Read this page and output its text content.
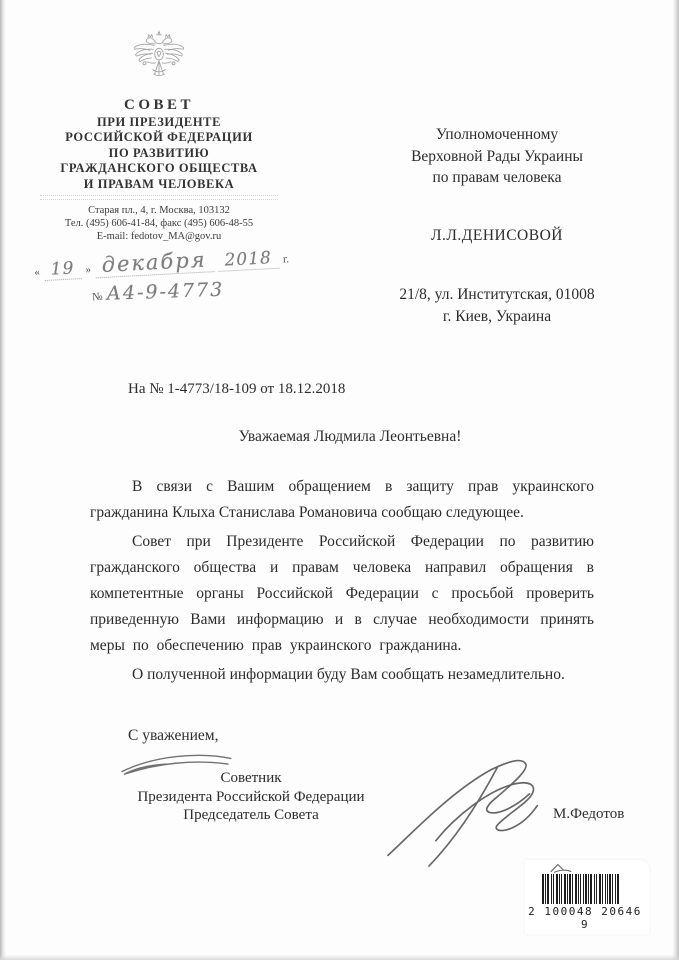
СОВЕТ
ПРИ ПРЕЗИДЕНТЕ
РОССИЙСКОЙ ФЕДЕРАЦИИ
ПО РАЗВИТИЮ
ГРАЖДАНСКОГО ОБЩЕСТВА
И ПРАВАМ ЧЕЛОВЕКА
Старая пл., 4, г. Москва, 103132
Тел. (495) 606-41-84, факс (495) 606-48-55
E-mail: fedotov_MA@gov.ru
« 19 » декабря 2018 г.
№ А4-9-4773
Уполномоченному
Верховной Рады Украины
по правам человека
Л.Л.ДЕНИСОВОЙ
21/8, ул. Институтская, 01008
г. Киев, Украина
На № 1-4773/18-109 от 18.12.2018
Уважаемая Людмила Леонтьевна!

В связи с Вашим обращением в защиту прав украинского гражданина Клыха Станислава Романовича сообщаю следующее.

Совет при Президенте Российской Федерации по развитию гражданского общества и правам человека направил обращения в компетентные органы Российской Федерации с просьбой проверить приведенную Вами информацию и в случае необходимости принять меры по обеспечению прав украинского гражданина.

О полученной информации буду Вам сообщать незамедлительно.

С уважением,
Советник
Президента Российской Федерации
Председатель Совета	М.Федотов
2 100048 20646 9
